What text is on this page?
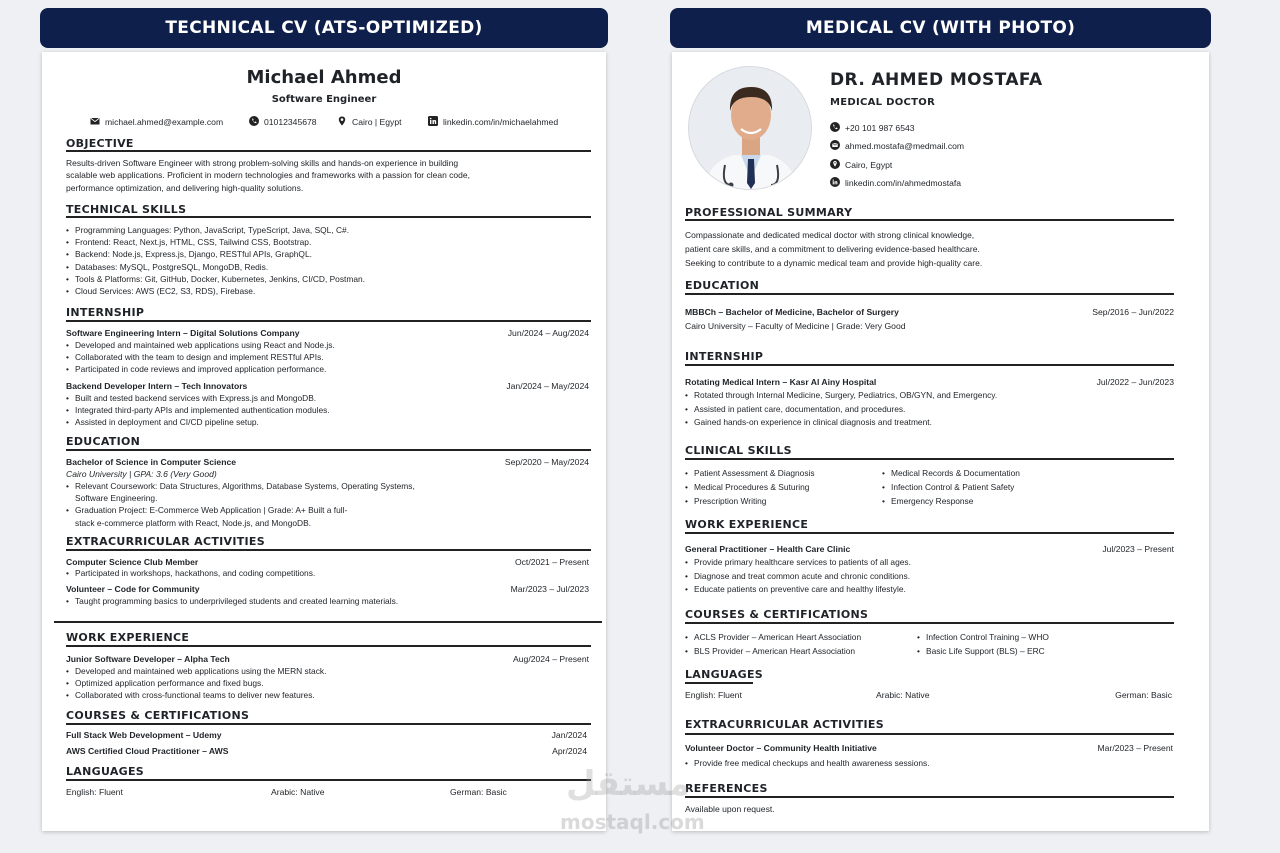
TECHNICAL CV (ATS-OPTIMIZED)	MEDICAL CV (WITH PHOTO)
Michael Ahmed
Software Engineer
michael.ahmed@example.com	01012345678	Cairo | Egypt	linkedin.com/in/michaelahmed
OBJECTIVE
Results-driven Software Engineer with strong problem-solving skills and hands-on experience in building
scalable web applications. Proficient in modern technologies and frameworks with a passion for clean code,
performance optimization, and delivering high-quality solutions.
TECHNICAL SKILLS
• Programming Languages: Python, JavaScript, TypeScript, Java, SQL, C#.
• Frontend: React, Next.js, HTML, CSS, Tailwind CSS, Bootstrap.
• Backend: Node.js, Express.js, Django, RESTful APIs, GraphQL.
• Databases: MySQL, PostgreSQL, MongoDB, Redis.
• Tools & Platforms: Git, GitHub, Docker, Kubernetes, Jenkins, CI/CD, Postman.
• Cloud Services: AWS (EC2, S3, RDS), Firebase.
INTERNSHIP
Software Engineering Intern – Digital Solutions Company	Jun/2024 – Aug/2024
• Developed and maintained web applications using React and Node.js.
• Collaborated with the team to design and implement RESTful APIs.
• Participated in code reviews and improved application performance.
Backend Developer Intern – Tech Innovators	Jan/2024 – May/2024
• Built and tested backend services with Express.js and MongoDB.
• Integrated third-party APIs and implemented authentication modules.
• Assisted in deployment and CI/CD pipeline setup.
EDUCATION
Bachelor of Science in Computer Science	Sep/2020 – May/2024
Cairo University | GPA: 3.6 (Very Good)
• Relevant Coursework: Data Structures, Algorithms, Database Systems, Operating Systems, Software Engineering.
• Graduation Project: E-Commerce Web Application | Grade: A+ Built a full-stack e-commerce platform with React, Node.js, and MongoDB.
EXTRACURRICULAR ACTIVITIES
Computer Science Club Member	Oct/2021 – Present
• Participated in workshops, hackathons, and coding competitions.
Volunteer – Code for Community	Mar/2023 – Jul/2023
• Taught programming basics to underprivileged students and created learning materials.
WORK EXPERIENCE
Junior Software Developer – Alpha Tech	Aug/2024 – Present
• Developed and maintained web applications using the MERN stack.
• Optimized application performance and fixed bugs.
• Collaborated with cross-functional teams to deliver new features.
COURSES & CERTIFICATIONS
Full Stack Web Development – Udemy	Jan/2024
AWS Certified Cloud Practitioner – AWS	Apr/2024
LANGUAGES
English: Fluent	Arabic: Native	German: Basic
DR. AHMED MOSTAFA
MEDICAL DOCTOR
+20 101 987 6543
ahmed.mostafa@medmail.com
Cairo, Egypt
linkedin.com/in/ahmedmostafa
PROFESSIONAL SUMMARY
Compassionate and dedicated medical doctor with strong clinical knowledge,
patient care skills, and a commitment to delivering evidence-based healthcare.
Seeking to contribute to a dynamic medical team and provide high-quality care.
EDUCATION
MBBCh – Bachelor of Medicine, Bachelor of Surgery	Sep/2016 – Jun/2022
Cairo University – Faculty of Medicine | Grade: Very Good
INTERNSHIP
Rotating Medical Intern – Kasr Al Ainy Hospital	Jul/2022 – Jun/2023
• Rotated through Internal Medicine, Surgery, Pediatrics, OB/GYN, and Emergency.
• Assisted in patient care, documentation, and procedures.
• Gained hands-on experience in clinical diagnosis and treatment.
CLINICAL SKILLS
• Patient Assessment & Diagnosis
• Medical Procedures & Suturing
• Prescription Writing
• Medical Records & Documentation
• Infection Control & Patient Safety
• Emergency Response
WORK EXPERIENCE
General Practitioner – Health Care Clinic	Jul/2023 – Present
• Provide primary healthcare services to patients of all ages.
• Diagnose and treat common acute and chronic conditions.
• Educate patients on preventive care and healthy lifestyle.
COURSES & CERTIFICATIONS
• ACLS Provider – American Heart Association
• BLS Provider – American Heart Association
• Infection Control Training – WHO
• Basic Life Support (BLS) – ERC
LANGUAGES
English: Fluent	Arabic: Native	German: Basic
EXTRACURRICULAR ACTIVITIES
Volunteer Doctor – Community Health Initiative	Mar/2023 – Present
• Provide free medical checkups and health awareness sessions.
REFERENCES
Available upon request.
مستقل
mostaql.com
